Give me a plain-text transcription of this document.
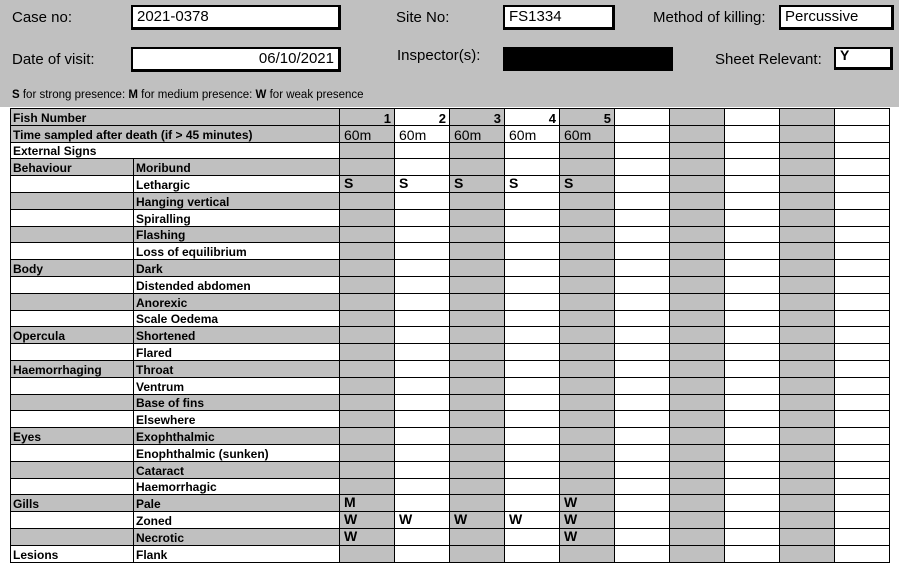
Case no:	2021-0378	Site No:	FS1334	Method of killing:	Percussive
Date of visit:	06/10/2021	Inspector(s):	Sheet Relevant:	Y
S for strong presence: M for medium presence: W for weak presence
Fish Number		1	2	3	4	5					
Time sampled after death (if > 45 minutes)		60m	60m	60m	60m	60m					
External Signs											
Behaviour	Moribund										
	Lethargic	S	S	S	S	S					
	Hanging vertical										
	Spiralling										
	Flashing										
	Loss of equilibrium										
Body	Dark										
	Distended abdomen										
	Anorexic										
	Scale Oedema										
Opercula	Shortened										
	Flared										
Haemorrhaging	Throat										
	Ventrum										
	Base of fins										
	Elsewhere										
Eyes	Exophthalmic										
	Enophthalmic (sunken)										
	Cataract										
	Haemorrhagic										
Gills	Pale	M				W					
	Zoned	W	W	W	W	W					
	Necrotic	W				W					
Lesions	Flank										
